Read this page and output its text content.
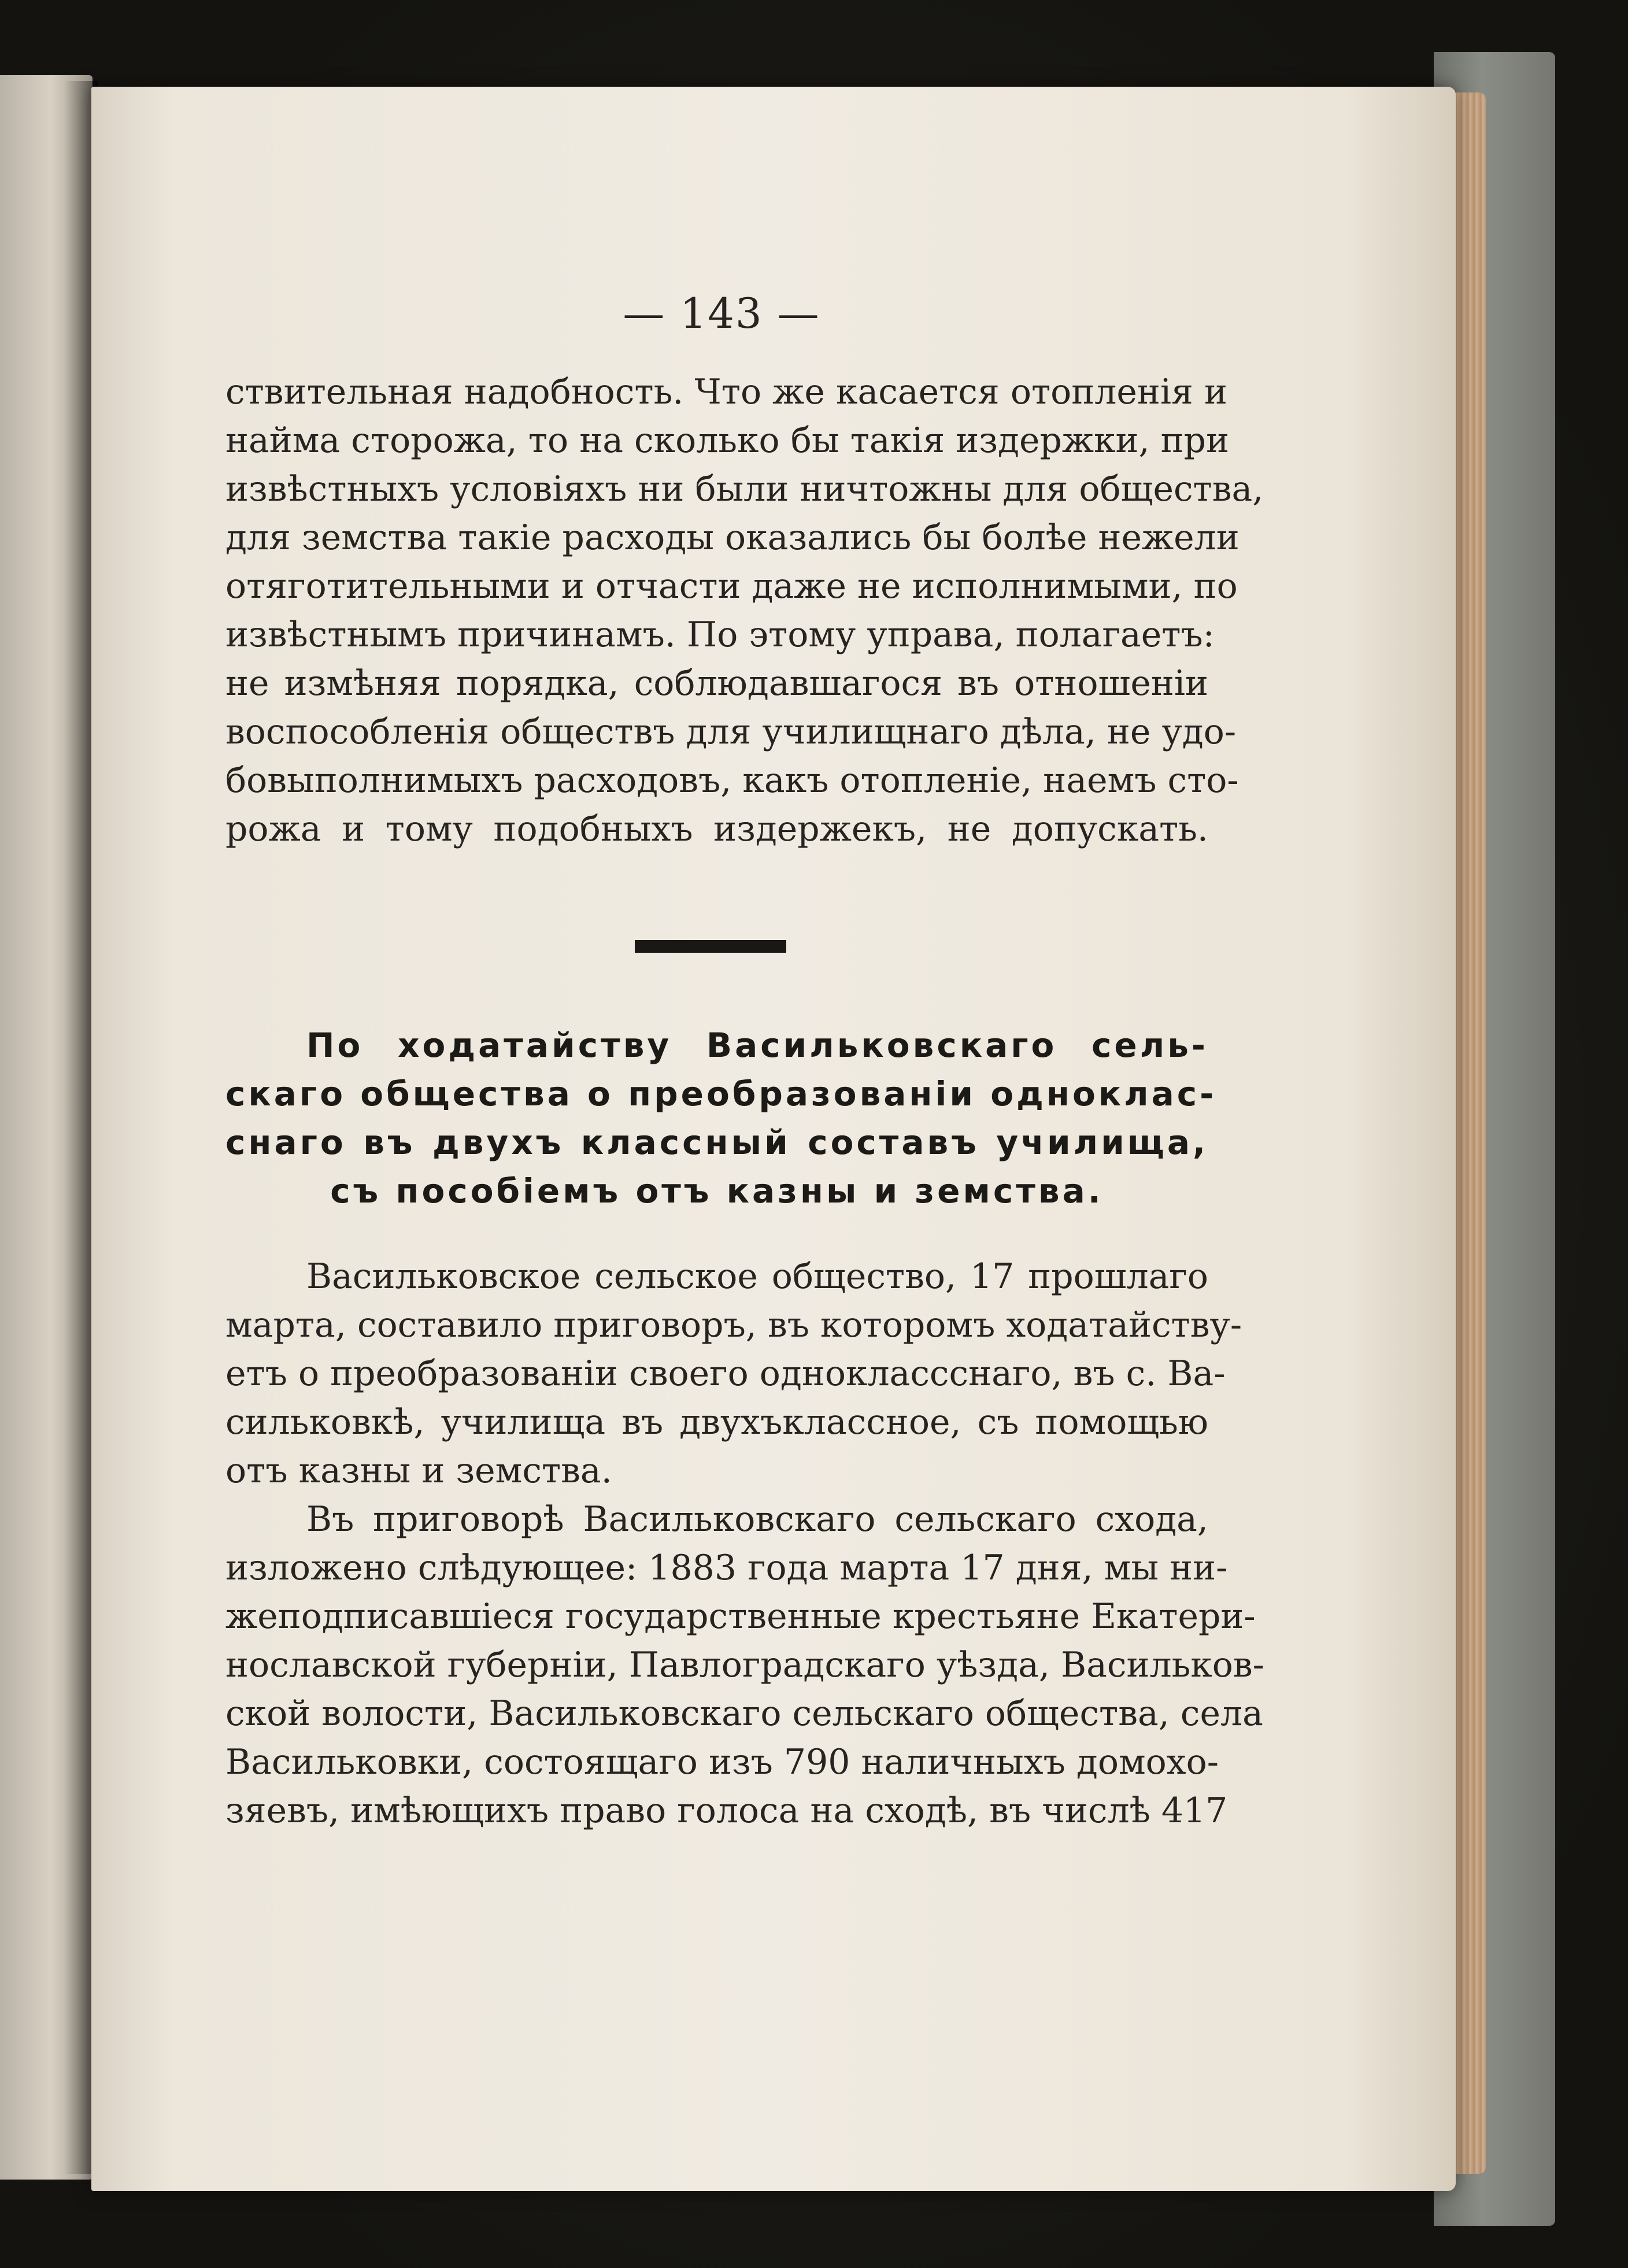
— 143 —
ствительная надобность. Что же касается отопленія и
найма сторожа, то на сколько бы такія издержки, при
извѣстныхъ условіяхъ ни были ничтожны для общества,
для земства такіе расходы оказались бы болѣе нежели
отяготительными и отчасти даже не исполнимыми, по
извѣстнымъ причинамъ. По этому управа, полагаетъ:
не измѣняя порядка, соблюдавшагося въ отношеніи
воспособленія обществъ для училищнаго дѣла, не удо-
бовыполнимыхъ расходовъ, какъ отопленіе, наемъ сто-
рожа и тому подобныхъ издержекъ, не допускать.
По ходатайству Васильковскаго сель-
скаго общества о преобразованіи однoклас-
снаго въ двухъ классный составъ училища,
съ пособіемъ отъ казны и земства.
Васильковское сельское общество, 17 прошлаго
марта, составило приговоръ, въ которомъ ходатайству-
етъ о преобразованіи своего одноклассснаго, въ с. Ва-
сильковкѣ, училища въ двухъклассное, съ помощью
отъ казны и земства.
Въ приговорѣ Васильковскаго сельскаго схода,
изложено слѣдующее: 1883 года марта 17 дня, мы ни-
жеподписавшіеся государственные крестьяне Екатери-
нославской губерніи, Павлоградскаго уѣзда, Васильков-
ской волости, Васильковскаго сельскаго общества, села
Васильковки, состоящаго изъ 790 наличныхъ домохо-
зяевъ, имѣющихъ право голоса на сходѣ, въ числѣ 417
